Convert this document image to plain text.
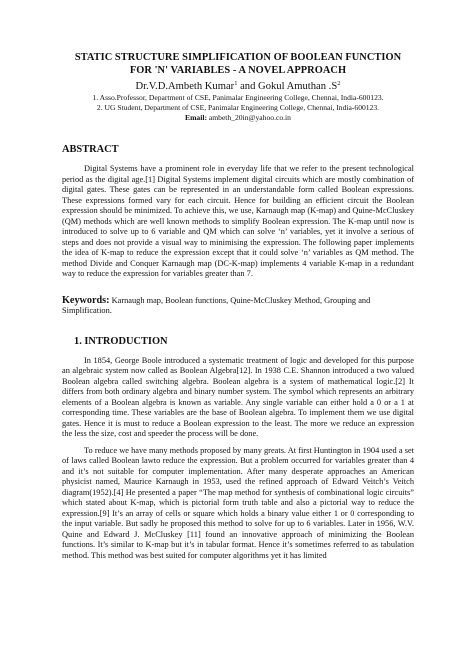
STATIC STRUCTURE SIMPLIFICATION OF BOOLEAN FUNCTION
FOR 'N' VARIABLES - A NOVEL APPROACH
Dr.V.D.Ambeth Kumar$^1$ and Gokul Amuthan $.S^2$
1. Asso.Professor, Department of CSE, Panimalar Engineering College, Chennai, India-600123.
2. UG Student, Department of CSE, Panimalar Engineering College, Chennai, India-600123.
Email: ambeth_20in@yahoo.co.in
ABSTRACT

Digital Systems have a prominent role in everyday life that we refer to the present technological period as the digital age.[1] Digital Systems implement digital circuits which are mostly combination of digital gates. These gates can be represented in an understandable form called Boolean expressions. These expressions formed vary for each circuit. Hence for building an efficient circuit the Boolean expression should be minimized. To achieve this, we use, Karnaugh map (K-map) and Quine-McCluskey (QM) methods which are well known methods to simplify Boolean expression. The K-map until now is introduced to solve up to 6 variable and QM which can solve ‘n’ variables, yet it involve a serious of steps and does not provide a visual way to minimising the expression. The following paper implements the idea of K-map to reduce the expression except that it could solve ‘n’ variables as QM method. The method Divide and Conquer Karnaugh map (DC-K-map) implements 4 variable K-map in a redundant way to reduce the expression for variables greater than 7.

Keywords: Karnaugh map, Boolean functions, Quine-McCluskey Method, Grouping and Simplification.
1. INTRODUCTION

In 1854, George Boole introduced a systematic treatment of logic and developed for this purpose an algebraic system now called as Boolean Algebra[12]. In 1938 C.E. Shannon introduced a two valued Boolean algebra called switching algebra. Boolean algebra is a system of mathematical logic.[2] It differs from both ordinary algebra and binary number system. The symbol which represents an arbitrary elements of a Boolean algebra is known as variable. Any single variable can either hold a 0 or a 1 at corresponding time. These variables are the base of Boolean algebra. To implement them we use digital gates. Hence it is must to reduce a Boolean expression to the least. The more we reduce an expression the less the size, cost and speeder the process will be done.

To reduce we have many methods proposed by many greats. At first Huntington in 1904 used a set of laws called Boolean lawto reduce the expression. But a problem occurred for variables greater than 4 and it’s not suitable for computer implementation. After many desperate approaches an American physicist named, Maurice Karnaugh in 1953, used the refined approach of Edward Veitch’s Veitch diagram(1952).[4] He presented a paper “The map method for synthesis of combinational logic circuits” which stated about K-map, which is pictorial form truth table and also a pictorial way to reduce the expression.[9] It’s an array of cells or square which holds a binary value either 1 or 0 corresponding to the input variable. But sadly he proposed this method to solve for up to 6 variables. Later in 1956, W.V. Quine and Edward J. McCluskey [11] found an innovative approach of minimizing the Boolean functions. It’s similar to K-map but it’s in tabular format. Hence it’s sometimes referred to as tabulation method. This method was best suited for computer algorithms yet it has limited
